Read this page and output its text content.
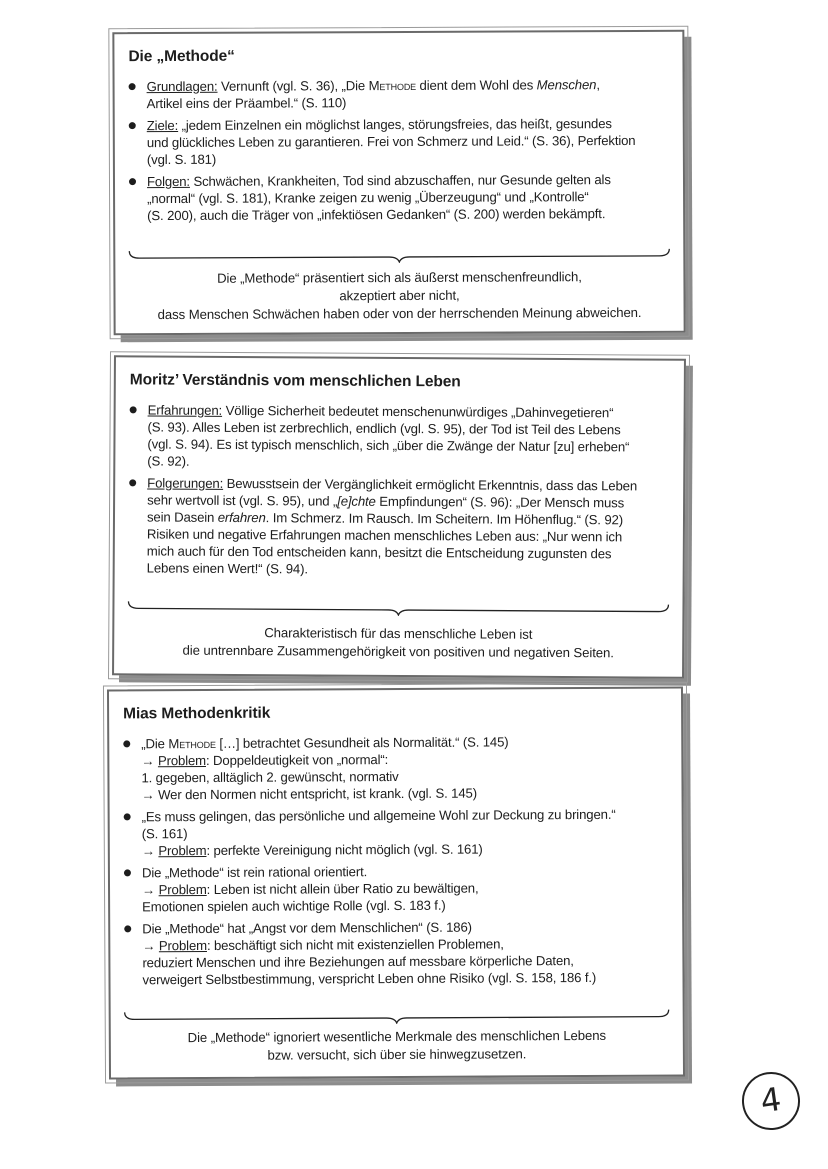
Die „Methode“
Grundlagen: Vernunft (vgl. S. 36), „Die Methode dient dem Wohl des Menschen,
Artikel eins der Präambel.“ (S. 110)
Ziele: „jedem Einzelnen ein möglichst langes, störungsfreies, das heißt, gesundes
und glückliches Leben zu garantieren. Frei von Schmerz und Leid.“ (S. 36), Perfektion
(vgl. S. 181)
Folgen: Schwächen, Krankheiten, Tod sind abzuschaffen, nur Gesunde gelten als
„normal“ (vgl. S. 181), Kranke zeigen zu wenig „Überzeugung“ und „Kontrolle“
(S. 200), auch die Träger von „infektiösen Gedanken“ (S. 200) werden bekämpft.
Die „Methode“ präsentiert sich als äußerst menschenfreundlich,
akzeptiert aber nicht,
dass Menschen Schwächen haben oder von der herrschenden Meinung abweichen.
Moritz’ Verständnis vom menschlichen Leben
Erfahrungen: Völlige Sicherheit bedeutet menschenunwürdiges „Dahinvegetieren“
(S. 93). Alles Leben ist zerbrechlich, endlich (vgl. S. 95), der Tod ist Teil des Lebens
(vgl. S. 94). Es ist typisch menschlich, sich „über die Zwänge der Natur [zu] erheben“
(S. 92).
Folgerungen: Bewusstsein der Vergänglichkeit ermöglicht Erkenntnis, dass das Leben
sehr wertvoll ist (vgl. S. 95), und „[e]chte Empfindungen“ (S. 96): „Der Mensch muss
sein Dasein erfahren. Im Schmerz. Im Rausch. Im Scheitern. Im Höhenflug.“ (S. 92)
Risiken und negative Erfahrungen machen menschliches Leben aus: „Nur wenn ich
mich auch für den Tod entscheiden kann, besitzt die Entscheidung zugunsten des
Lebens einen Wert!“ (S. 94).
Charakteristisch für das menschliche Leben ist
die untrennbare Zusammengehörigkeit von positiven und negativen Seiten.
Mias Methodenkritik
„Die Methode […] betrachtet Gesundheit als Normalität.“ (S. 145)
→ Problem: Doppeldeutigkeit von „normal“:
1. gegeben, alltäglich 2. gewünscht, normativ
→ Wer den Normen nicht entspricht, ist krank. (vgl. S. 145)
„Es muss gelingen, das persönliche und allgemeine Wohl zur Deckung zu bringen.“
(S. 161)
→ Problem: perfekte Vereinigung nicht möglich (vgl. S. 161)
Die „Methode“ ist rein rational orientiert.
→ Problem: Leben ist nicht allein über Ratio zu bewältigen,
Emotionen spielen auch wichtige Rolle (vgl. S. 183 f.)
Die „Methode“ hat „Angst vor dem Menschlichen“ (S. 186)
→ Problem: beschäftigt sich nicht mit existenziellen Problemen,
reduziert Menschen und ihre Beziehungen auf messbare körperliche Daten,
verweigert Selbstbestimmung, verspricht Leben ohne Risiko (vgl. S. 158, 186 f.)
Die „Methode“ ignoriert wesentliche Merkmale des menschlichen Lebens
bzw. versucht, sich über sie hinwegzusetzen.
4
